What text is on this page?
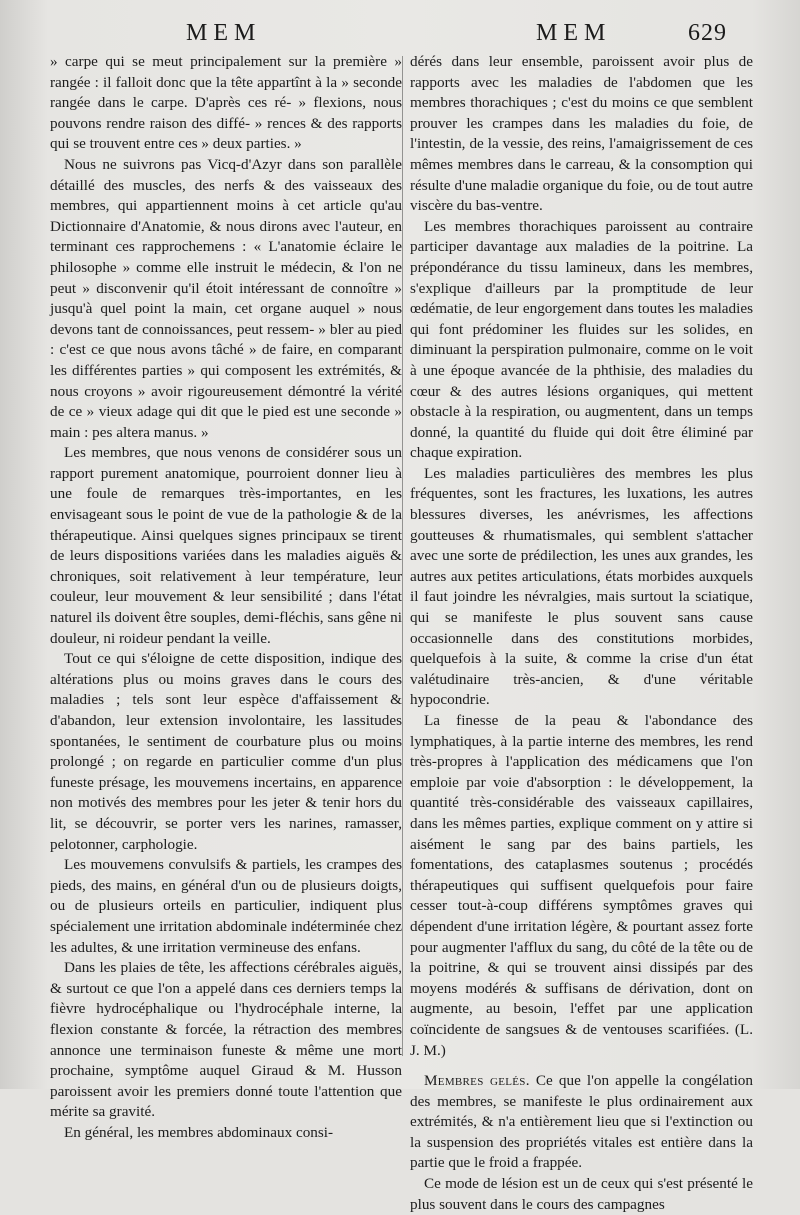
MEM	MEM	629

» carpe qui se meut principalement sur la première » rangée : il falloit donc que la tête appartînt à la » seconde rangée dans le carpe. D'après ces ré- » flexions, nous pouvons rendre raison des diffé- » rences & des rapports qui se trouvent entre ces » deux parties. »

Nous ne suivrons pas Vicq-d'Azyr dans son parallèle détaillé des muscles, des nerfs & des vaisseaux des membres, qui appartiennent moins à cet article qu'au Dictionnaire d'Anatomie, & nous dirons avec l'auteur, en terminant ces rapprochemens : « L'anatomie éclaire le philosophe » comme elle instruit le médecin, & l'on ne peut » disconvenir qu'il étoit intéressant de connoître » jusqu'à quel point la main, cet organe auquel » nous devons tant de connoissances, peut ressem- » bler au pied : c'est ce que nous avons tâché » de faire, en comparant les différentes parties » qui composent les extrémités, & nous croyons » avoir rigoureusement démontré la vérité de ce » vieux adage qui dit que le pied est une seconde » main : pes altera manus. »

Les membres, que nous venons de considérer sous un rapport purement anatomique, pourroient donner lieu à une foule de remarques très-importantes, en les envisageant sous le point de vue de la pathologie & de la thérapeutique. Ainsi quelques signes principaux se tirent de leurs dispositions variées dans les maladies aiguës & chroniques, soit relativement à leur température, leur couleur, leur mouvement & leur sensibilité ; dans l'état naturel ils doivent être souples, demi-fléchis, sans gêne ni douleur, ni roideur pendant la veille.

Tout ce qui s'éloigne de cette disposition, indique des altérations plus ou moins graves dans le cours des maladies ; tels sont leur espèce d'affaissement & d'abandon, leur extension involontaire, les lassitudes spontanées, le sentiment de courbature plus ou moins prolongé ; on regarde en particulier comme d'un plus funeste présage, les mouvemens incertains, en apparence non motivés des membres pour les jeter & tenir hors du lit, se découvrir, se porter vers les narines, ramasser, pelotonner, carphologie.

Les mouvemens convulsifs & partiels, les crampes des pieds, des mains, en général d'un ou de plusieurs doigts, ou de plusieurs orteils en particulier, indiquent plus spécialement une irritation abdominale indéterminée chez les adultes, & une irritation vermineuse des enfans.

Dans les plaies de tête, les affections cérébrales aiguës, & surtout ce que l'on a appelé dans ces derniers temps la fièvre hydrocéphalique ou l'hydrocéphale interne, la flexion constante & forcée, la rétraction des membres annonce une terminaison funeste & même une mort prochaine, symptôme auquel Giraud & M. Husson paroissent avoir les premiers donné toute l'attention que mérite sa gravité.

En général, les membres abdominaux consi-

dérés dans leur ensemble, paroissent avoir plus de rapports avec les maladies de l'abdomen que les membres thorachiques ; c'est du moins ce que semblent prouver les crampes dans les maladies du foie, de l'intestin, de la vessie, des reins, l'amaigrissement de ces mêmes membres dans le carreau, & la consomption qui résulte d'une maladie organique du foie, ou de tout autre viscère du bas-ventre.

Les membres thorachiques paroissent au contraire participer davantage aux maladies de la poitrine. La prépondérance du tissu lamineux, dans les membres, s'explique d'ailleurs par la promptitude de leur œdématie, de leur engorgement dans toutes les maladies qui font prédominer les fluides sur les solides, en diminuant la perspiration pulmonaire, comme on le voit à une époque avancée de la phthisie, des maladies du cœur & des autres lésions organiques, qui mettent obstacle à la respiration, ou augmentent, dans un temps donné, la quantité du fluide qui doit être éliminé par chaque expiration.

Les maladies particulières des membres les plus fréquentes, sont les fractures, les luxations, les autres blessures diverses, les anévrismes, les affections goutteuses & rhumatismales, qui semblent s'attacher avec une sorte de prédilection, les unes aux grandes, les autres aux petites articulations, états morbides auxquels il faut joindre les névralgies, mais surtout la sciatique, qui se manifeste le plus souvent sans cause occasionnelle dans des constitutions morbides, quelquefois à la suite, & comme la crise d'un état valétudinaire très-ancien, & d'une véritable hypocondrie.

La finesse de la peau & l'abondance des lymphatiques, à la partie interne des membres, les rend très-propres à l'application des médicamens que l'on emploie par voie d'absorption : le développement, la quantité très-considérable des vaisseaux capillaires, dans les mêmes parties, explique comment on y attire si aisément le sang par des bains partiels, les fomentations, des cataplasmes soutenus ; procédés thérapeutiques qui suffisent quelquefois pour faire cesser tout-à-coup différens symptômes graves qui dépendent d'une irritation légère, & pourtant assez forte pour augmenter l'afflux du sang, du côté de la tête ou de la poitrine, & qui se trouvent ainsi dissipés par des moyens modérés & suffisans de dérivation, dont on augmente, au besoin, l'effet par une application coïncidente de sangsues & de ventouses scarifiées. (L. J. M.)

Membres gelés. Ce que l'on appelle la congélation des membres, se manifeste le plus ordinairement aux extrémités, & n'a entièrement lieu que si l'extinction ou la suspension des propriétés vitales est entière dans la partie que le froid a frappée.

Ce mode de lésion est un de ceux qui s'est présenté le plus souvent dans le cours des campagnes
